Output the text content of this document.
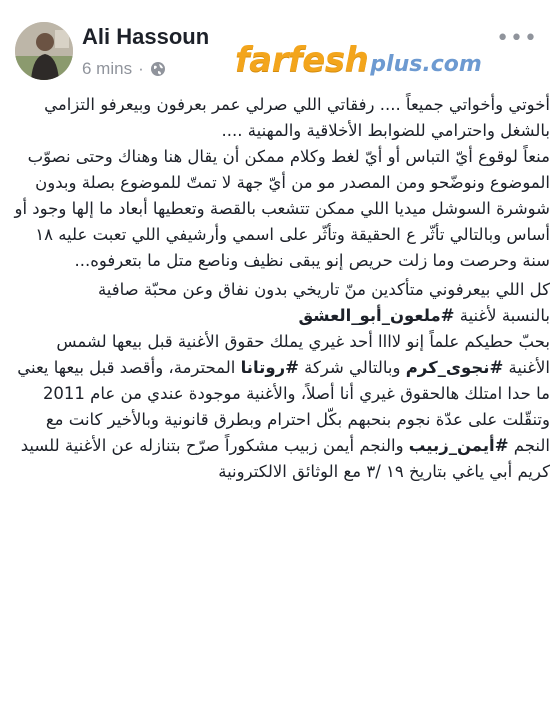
Ali Hassoun
6 mins ·
•••
farfesh plus.com

أخوتي وأخواتي جميعاً .... رفقاتي اللي صرلي عمر بعرفون وبيعرفو التزامي بالشغل واحترامي للضوابط الأخلاقية والمهنية ....

منعاً لوقوع أيّ التباس أو أيّ لغط وكلام ممكن أن يقال هنا وهناك وحتى نصوّب الموضوع ونوضّحو ومن المصدر مو من أيّ جهة لا تمتّ للموضوع بصلة وبدون شوشرة السوشل ميديا اللي ممكن تتشعب بالقصة وتعطيها أبعاد ما إلها وجود أو أساس وبالتالي تأثّر ع الحقيقة وتأثّر على اسمي وأرشيفي اللي تعبت عليه ١٨ سنة وحرصت وما زلت حريص إنو يبقى نظيف وناصع متل ما بتعرفوه...

كل اللي بيعرفوني متأكدين منّ تاريخي بدون نفاق وعن محبّة صافية

بالنسبة لأغنية #ملعون_أبو_العشق

بحبّ حطيكم علماً إنو لاااا أحد غيري يملك حقوق الأغنية قبل بيعها لشمس الأغنية #نجوى_كرم وبالتالي شركة #روتانا المحترمة، وأقصد قبل بيعها يعني ما حدا امتلك هالحقوق غيري أنا أصلاً، والأغنية موجودة عندي من عام 2011 وتنقّلت على عدّة نجوم بنحبهم بكّل احترام وبطرق قانونية وبالأخير كانت مع النجم #أيمن_زبيب والنجم أيمن زبيب مشكوراً صرّح بتنازله عن الأغنية للسيد كريم أبي ياغي بتاريخ ١٩ /٣ مع الوثائق الالكترونية
